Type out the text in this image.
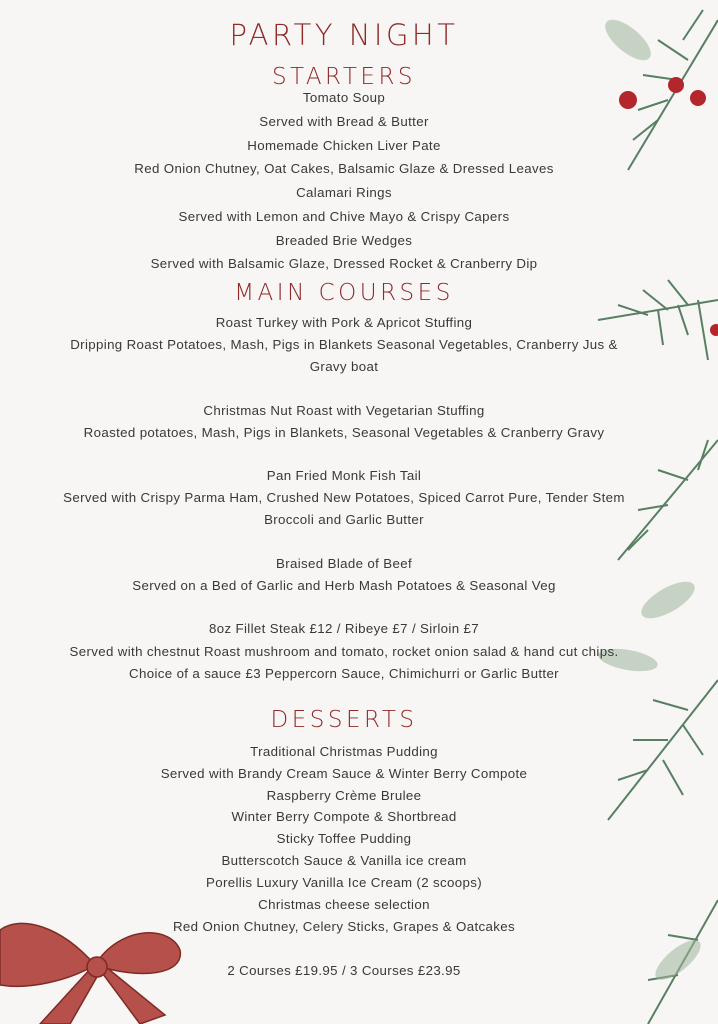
PARTY NIGHT
STARTERS
Tomato Soup
Served with Bread & Butter
Homemade Chicken Liver Pate
Red Onion Chutney, Oat Cakes, Balsamic Glaze & Dressed Leaves
Calamari Rings
Served with Lemon and Chive Mayo & Crispy Capers
Breaded Brie Wedges
Served with Balsamic Glaze, Dressed Rocket & Cranberry Dip
MAIN COURSES
Roast Turkey with Pork & Apricot Stuffing
Dripping Roast Potatoes, Mash, Pigs in Blankets Seasonal Vegetables, Cranberry Jus &
Gravy boat
Christmas Nut Roast with Vegetarian Stuffing
Roasted potatoes, Mash, Pigs in Blankets, Seasonal Vegetables & Cranberry Gravy
Pan Fried Monk Fish Tail
Served with Crispy Parma Ham, Crushed New Potatoes, Spiced Carrot Pure, Tender Stem
Broccoli and Garlic Butter
Braised Blade of Beef
Served on a Bed of Garlic and Herb Mash Potatoes & Seasonal Veg
8oz Fillet Steak £12 / Ribeye £7 / Sirloin £7
Served with chestnut Roast mushroom and tomato, rocket onion salad & hand cut chips.
Choice of a sauce £3 Peppercorn Sauce, Chimichurri or Garlic Butter
DESSERTS
Traditional Christmas Pudding
Served with Brandy Cream Sauce & Winter Berry Compote
Raspberry Crème Brulee
Winter Berry Compote & Shortbread
Sticky Toffee Pudding
Butterscotch Sauce & Vanilla ice cream
Porellis Luxury Vanilla Ice Cream (2 scoops)
Christmas cheese selection
Red Onion Chutney, Celery Sticks, Grapes & Oatcakes
2 Courses £19.95 / 3 Courses £23.95
